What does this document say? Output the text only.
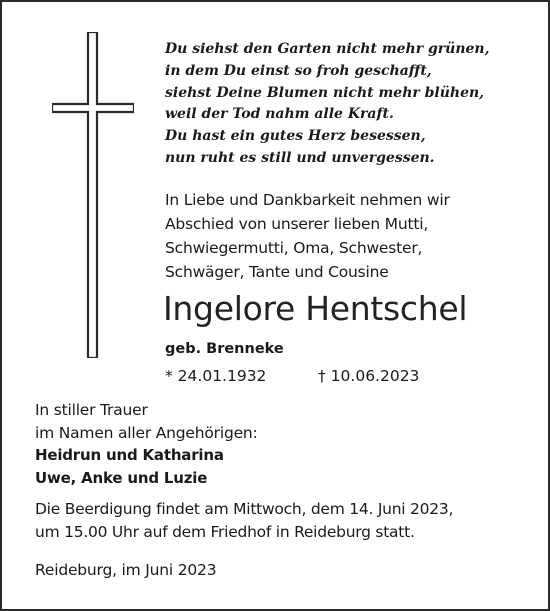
Du siehst den Garten nicht mehr grünen,
in dem Du einst so froh geschafft,
siehst Deine Blumen nicht mehr blühen,
weil der Tod nahm alle Kraft.
Du hast ein gutes Herz besessen,
nun ruht es still und unvergessen.
In Liebe und Dankbarkeit nehmen wir
Abschied von unserer lieben Mutti,
Schwiegermutti, Oma, Schwester,
Schwäger, Tante und Cousine
Ingelore Hentschel
geb. Brenneke
* 24.01.1932	† 10.06.2023
In stiller Trauer
im Namen aller Angehörigen:
Heidrun und Katharina
Uwe, Anke und Luzie
Die Beerdigung findet am Mittwoch, dem 14. Juni 2023,
um 15.00 Uhr auf dem Friedhof in Reideburg statt.
Reideburg, im Juni 2023
